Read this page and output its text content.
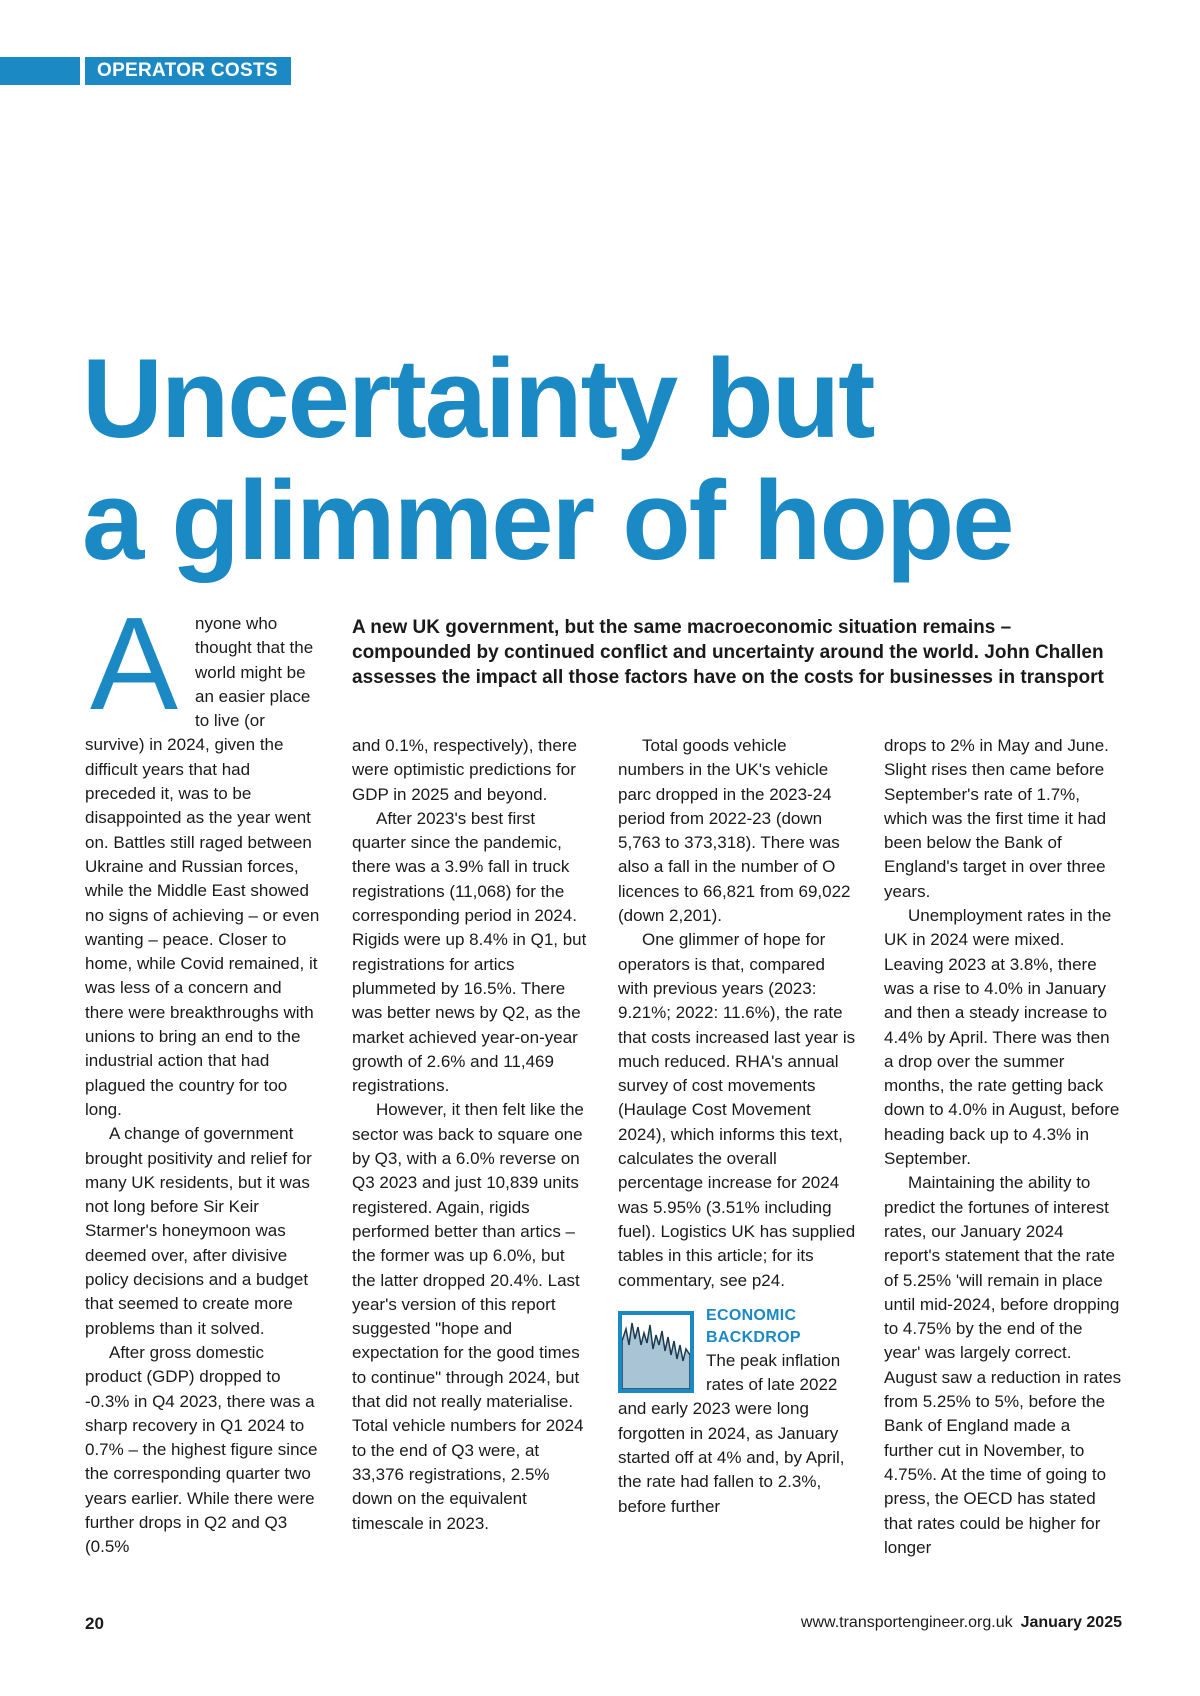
OPERATOR COSTS
Uncertainty but
a glimmer of hope

A new UK government, but the same macroeconomic situation remains – compounded by continued conflict and uncertainty around the world. John Challen assesses the impact all those factors have on the costs for businesses in transport

A nyone who thought that the world might be an easier place to live (or survive) in 2024, given the difficult years that had preceded it, was to be disappointed as the year went on. Battles still raged between Ukraine and Russian forces, while the Middle East showed no signs of achieving – or even wanting – peace. Closer to home, while Covid remained, it was less of a concern and there were breakthroughs with unions to bring an end to the industrial action that had plagued the country for too long.

A change of government brought positivity and relief for many UK residents, but it was not long before Sir Keir Starmer's honeymoon was deemed over, after divisive policy decisions and a budget that seemed to create more problems than it solved.

After gross domestic product (GDP) dropped to -0.3% in Q4 2023, there was a sharp recovery in Q1 2024 to 0.7% – the highest figure since the corresponding quarter two years earlier. While there were further drops in Q2 and Q3 (0.5%

and 0.1%, respectively), there were optimistic predictions for GDP in 2025 and beyond.

After 2023's best first quarter since the pandemic, there was a 3.9% fall in truck registrations (11,068) for the corresponding period in 2024. Rigids were up 8.4% in Q1, but registrations for artics plummeted by 16.5%. There was better news by Q2, as the market achieved year-on-year growth of 2.6% and 11,469 registrations.

However, it then felt like the sector was back to square one by Q3, with a 6.0% reverse on Q3 2023 and just 10,839 units registered. Again, rigids performed better than artics – the former was up 6.0%, but the latter dropped 20.4%. Last year's version of this report suggested "hope and expectation for the good times to continue" through 2024, but that did not really materialise. Total vehicle numbers for 2024 to the end of Q3 were, at 33,376 registrations, 2.5% down on the equivalent timescale in 2023.

Total goods vehicle numbers in the UK's vehicle parc dropped in the 2023-24 period from 2022-23 (down 5,763 to 373,318). There was also a fall in the number of O licences to 66,821 from 69,022 (down 2,201).

One glimmer of hope for operators is that, compared with previous years (2023: 9.21%; 2022: 11.6%), the rate that costs increased last year is much reduced. RHA's annual survey of cost movements (Haulage Cost Movement 2024), which informs this text, calculates the overall percentage increase for 2024 was 5.95% (3.51% including fuel). Logistics UK has supplied tables in this article; for its commentary, see p24.

ECONOMIC
BACKDROP

The peak inflation rates of late 2022 and early 2023 were long forgotten in 2024, as January started off at 4% and, by April, the rate had fallen to 2.3%, before further

drops to 2% in May and June. Slight rises then came before September's rate of 1.7%, which was the first time it had been below the Bank of England's target in over three years.

Unemployment rates in the UK in 2024 were mixed. Leaving 2023 at 3.8%, there was a rise to 4.0% in January and then a steady increase to 4.4% by April. There was then a drop over the summer months, the rate getting back down to 4.0% in August, before heading back up to 4.3% in September.

Maintaining the ability to predict the fortunes of interest rates, our January 2024 report's statement that the rate of 5.25% 'will remain in place until mid-2024, before dropping to 4.75% by the end of the year' was largely correct. August saw a reduction in rates from 5.25% to 5%, before the Bank of England made a further cut in November, to 4.75%. At the time of going to press, the OECD has stated that rates could be higher for longer

20	www.transportengineer.org.uk January 2025
